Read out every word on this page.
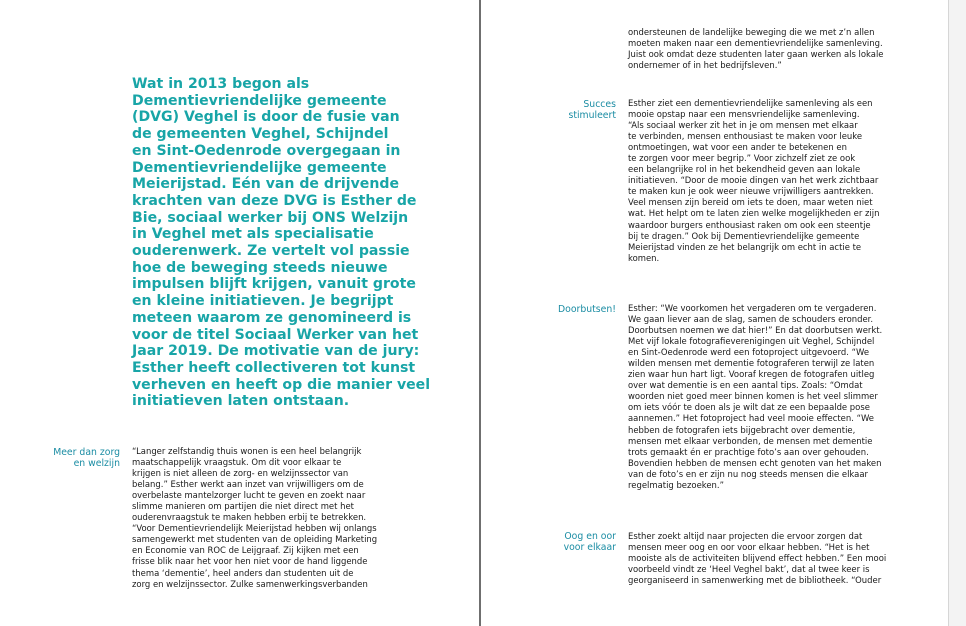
Wat in 2013 begon als
Dementievriendelijke gemeente
(DVG) Veghel is door de fusie van
de gemeenten Veghel, Schijndel
en Sint-Oedenrode overgegaan in
Dementievriendelijke gemeente
Meierijstad. Eén van de drijvende
krachten van deze DVG is Esther de
Bie, sociaal werker bij ONS Welzijn
in Veghel met als specialisatie
ouderenwerk. Ze vertelt vol passie
hoe de beweging steeds nieuwe
impulsen blijft krijgen, vanuit grote
en kleine initiatieven. Je begrijpt
meteen waarom ze genomineerd is
voor de titel Sociaal Werker van het
Jaar 2019. De motivatie van de jury:
Esther heeft collectiveren tot kunst
verheven en heeft op die manier veel
initiatieven laten ontstaan.

Meer dan zorg
en welzijn

“Langer zelfstandig thuis wonen is een heel belangrijk
maatschappelijk vraagstuk. Om dit voor elkaar te
krijgen is niet alleen de zorg- en welzijnssector van
belang.” Esther werkt aan inzet van vrijwilligers om de
overbelaste mantelzorger lucht te geven en zoekt naar
slimme manieren om partijen die niet direct met het
ouderenvraagstuk te maken hebben erbij te betrekken.
“Voor Dementievriendelijk Meierijstad hebben wij onlangs
samengewerkt met studenten van de opleiding Marketing
en Economie van ROC de Leijgraaf. Zij kijken met een
frisse blik naar het voor hen niet voor de hand liggende
thema ‘dementie’, heel anders dan studenten uit de
zorg en welzijnssector. Zulke samenwerkingsverbanden

ondersteunen de landelijke beweging die we met z’n allen
moeten maken naar een dementievriendelijke samenleving.
Juist ook omdat deze studenten later gaan werken als lokale
ondernemer of in het bedrijfsleven.”

Succes
stimuleert

Esther ziet een dementievriendelijke samenleving als een
mooie opstap naar een mensvriendelijke samenleving.
“Als sociaal werker zit het in je om mensen met elkaar
te verbinden, mensen enthousiast te maken voor leuke
ontmoetingen, wat voor een ander te betekenen en
te zorgen voor meer begrip.” Voor zichzelf ziet ze ook
een belangrijke rol in het bekendheid geven aan lokale
initiatieven. “Door de mooie dingen van het werk zichtbaar
te maken kun je ook weer nieuwe vrijwilligers aantrekken.
Veel mensen zijn bereid om iets te doen, maar weten niet
wat. Het helpt om te laten zien welke mogelijkheden er zijn
waardoor burgers enthousiast raken om ook een steentje
bij te dragen.” Ook bij Dementievriendelijke gemeente
Meierijstad vinden ze het belangrijk om echt in actie te
komen.

Doorbutsen! Esther: “We voorkomen het vergaderen om te vergaderen.
We gaan liever aan de slag, samen de schouders eronder.
Doorbutsen noemen we dat hier!” En dat doorbutsen werkt.
Met vijf lokale fotografieverenigingen uit Veghel, Schijndel
en Sint-Oedenrode werd een fotoproject uitgevoerd. “We
wilden mensen met dementie fotograferen terwijl ze laten
zien waar hun hart ligt. Vooraf kregen de fotografen uitleg
over wat dementie is en een aantal tips. Zoals: “Omdat
woorden niet goed meer binnen komen is het veel slimmer
om iets vóór te doen als je wilt dat ze een bepaalde pose
aannemen.” Het fotoproject had veel mooie effecten. “We
hebben de fotografen iets bijgebracht over dementie,
mensen met elkaar verbonden, de mensen met dementie
trots gemaakt én er prachtige foto’s aan over gehouden.
Bovendien hebben de mensen echt genoten van het maken
van de foto’s en er zijn nu nog steeds mensen die elkaar
regelmatig bezoeken.”

Oog en oor
voor elkaar

Esther zoekt altijd naar projecten die ervoor zorgen dat
mensen meer oog en oor voor elkaar hebben. “Het is het
mooiste als de activiteiten blijvend effect hebben.” Een mooi
voorbeeld vindt ze ‘Heel Veghel bakt’, dat al twee keer is
georganiseerd in samenwerking met de bibliotheek. “Ouder
